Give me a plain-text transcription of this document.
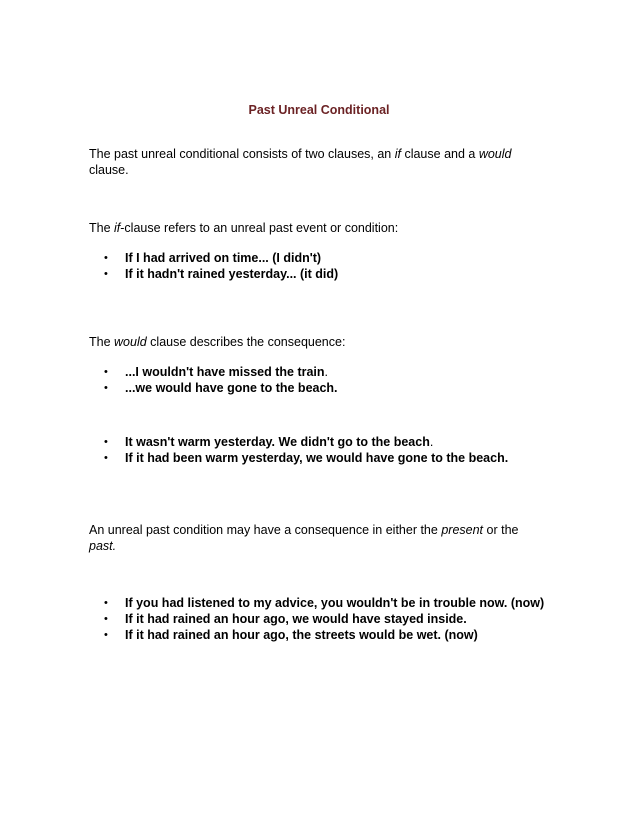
Past Unreal Conditional

The past unreal conditional consists of two clauses, an if clause and a would
clause.

The if-clause refers to an unreal past event or condition:

• If I had arrived on time... (I didn't)
• If it hadn't rained yesterday... (it did)

The would clause describes the consequence:

• ...I wouldn't have missed the train.
• ...we would have gone to the beach.
• It wasn't warm yesterday. We didn't go to the beach.
• If it had been warm yesterday, we would have gone to the beach.

An unreal past condition may have a consequence in either the present or the
past.

• If you had listened to my advice, you wouldn't be in trouble now. (now)
• If it had rained an hour ago, we would have stayed inside.
• If it had rained an hour ago, the streets would be wet. (now)
